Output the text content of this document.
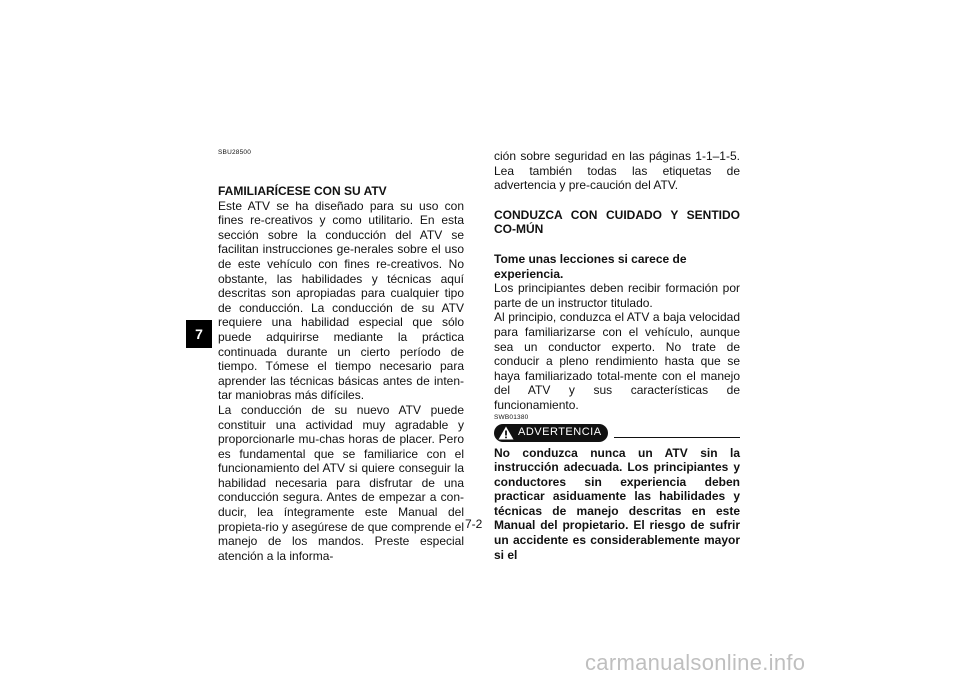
7
SBU28500

FAMILIARÍCESE CON SU ATV

Este ATV se ha diseñado para su uso con fines re-creativos y como utilitario. En esta sección sobre la conducción del ATV se facilitan instrucciones ge-nerales sobre el uso de este vehículo con fines re-creativos. No obstante, las habilidades y técnicas aquí descritas son apropiadas para cualquier tipo de conducción. La conducción de su ATV requiere una habilidad especial que sólo puede adquirirse mediante la práctica continuada durante un cierto período de tiempo. Tómese el tiempo necesario para aprender las técnicas básicas antes de inten-tar maniobras más difíciles.

La conducción de su nuevo ATV puede constituir una actividad muy agradable y proporcionarle mu-chas horas de placer. Pero es fundamental que se familiarice con el funcionamiento del ATV si quiere conseguir la habilidad necesaria para disfrutar de una conducción segura. Antes de empezar a con-ducir, lea íntegramente este Manual del propieta-rio y asegúrese de que comprende el manejo de los mandos. Preste especial atención a la informa-

ción sobre seguridad en las páginas 1-1–1-5. Lea también todas las etiquetas de advertencia y pre-caución del ATV.

CONDUZCA CON CUIDADO Y SENTIDO CO-MÚN

Tome unas lecciones si carece de experiencia.

Los principiantes deben recibir formación por parte de un instructor titulado.

Al principio, conduzca el ATV a baja velocidad para familiarizarse con el vehículo, aunque sea un conductor experto. No trate de conducir a pleno rendimiento hasta que se haya familiarizado total-mente con el manejo del ATV y sus características de funcionamiento.

SWB01380
ADVERTENCIA

No conduzca nunca un ATV sin la instrucción adecuada. Los principiantes y conductores sin experiencia deben practicar asiduamente las habilidades y técnicas de manejo descritas en este Manual del propietario. El riesgo de sufrir un accidente es considerablemente mayor si el

7-2
carmanualsonline.info
